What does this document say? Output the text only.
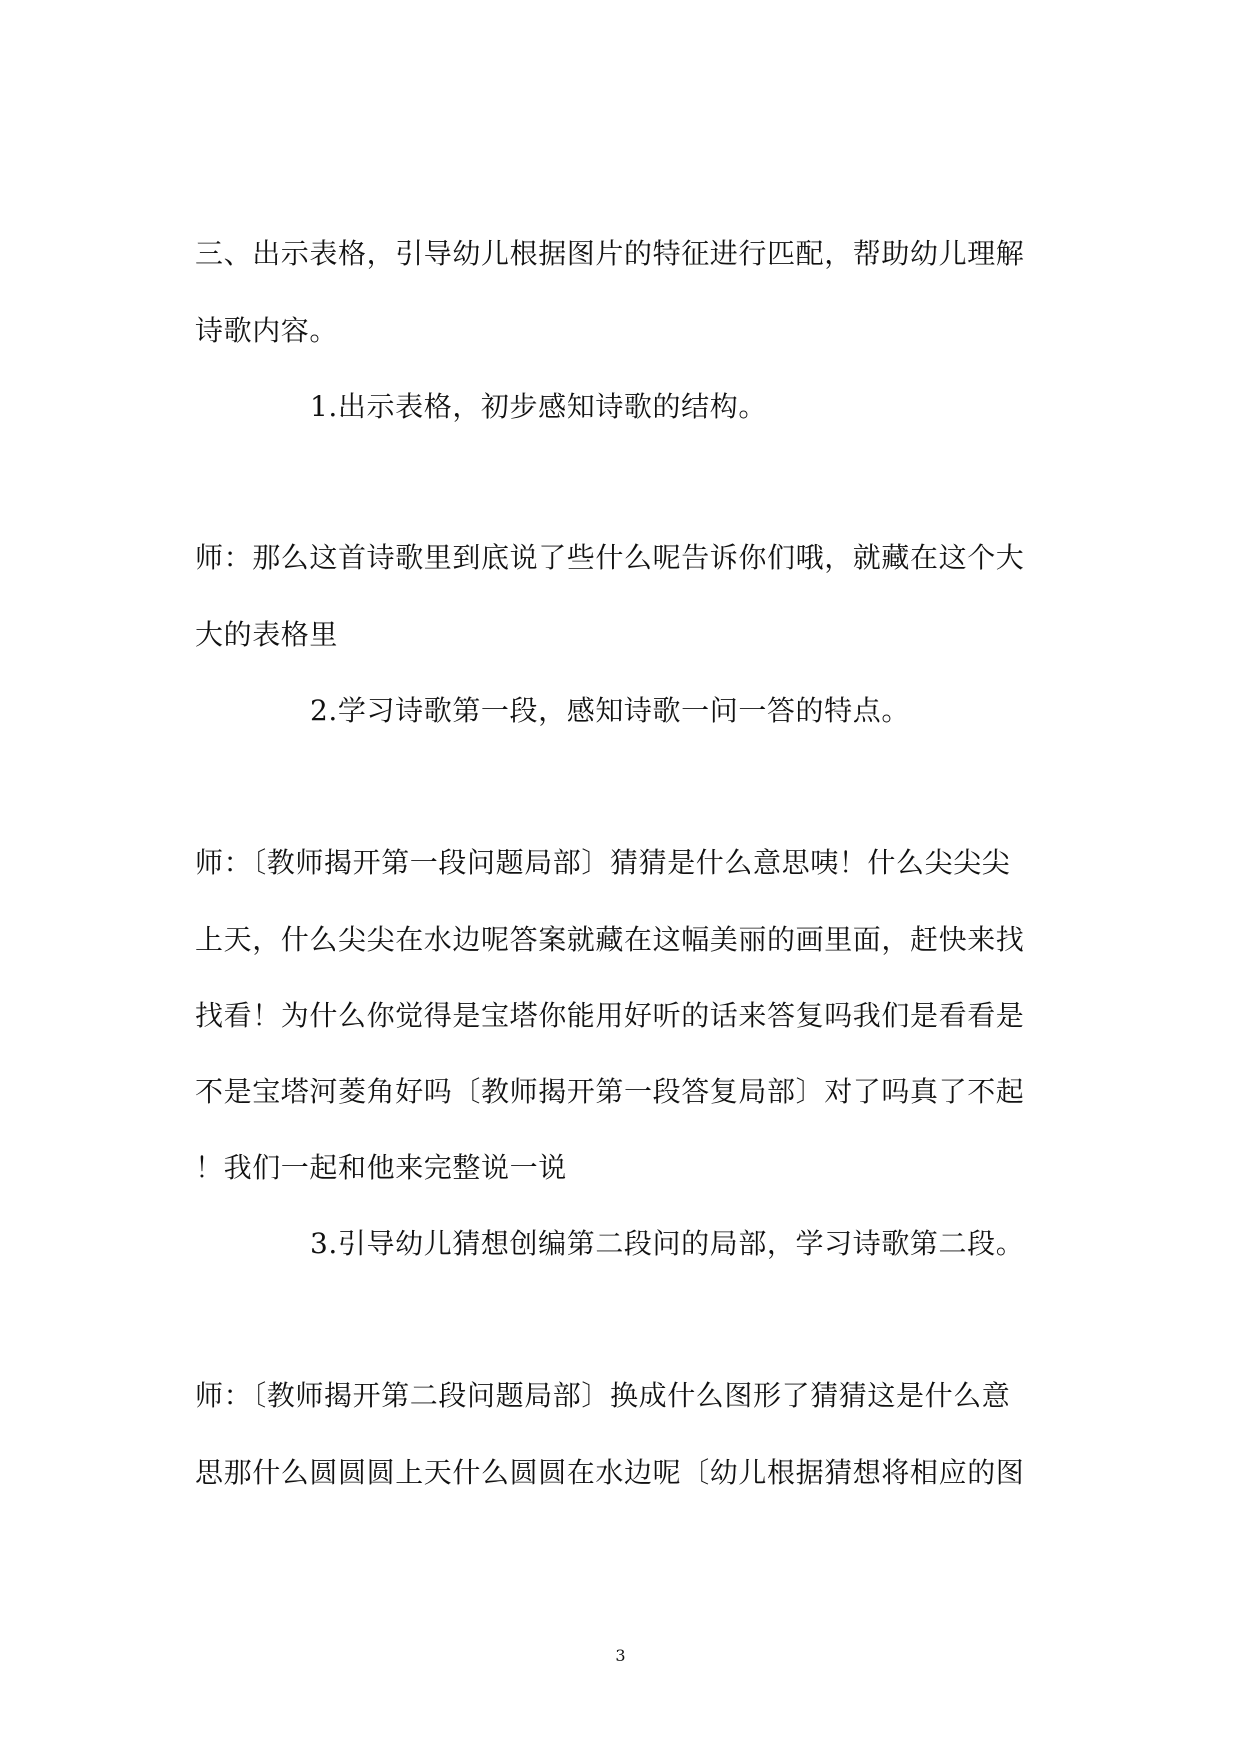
三、出示表格，引导幼儿根据图片的特征进行匹配，帮助幼儿理解
诗歌内容。
1.出示表格，初步感知诗歌的结构。
师：那么这首诗歌里到底说了些什么呢告诉你们哦，就藏在这个大
大的表格里
2.学习诗歌第一段，感知诗歌一问一答的特点。
师：〔教师揭开第一段问题局部〕猜猜是什么意思咦！什么尖尖尖
上天，什么尖尖在水边呢答案就藏在这幅美丽的画里面，赶快来找
找看！为什么你觉得是宝塔你能用好听的话来答复吗我们是看看是
不是宝塔河菱角好吗〔教师揭开第一段答复局部〕对了吗真了不起
！我们一起和他来完整说一说
3.引导幼儿猜想创编第二段问的局部，学习诗歌第二段。
师：〔教师揭开第二段问题局部〕换成什么图形了猜猜这是什么意
思那什么圆圆圆上天什么圆圆在水边呢〔幼儿根据猜想将相应的图
3
